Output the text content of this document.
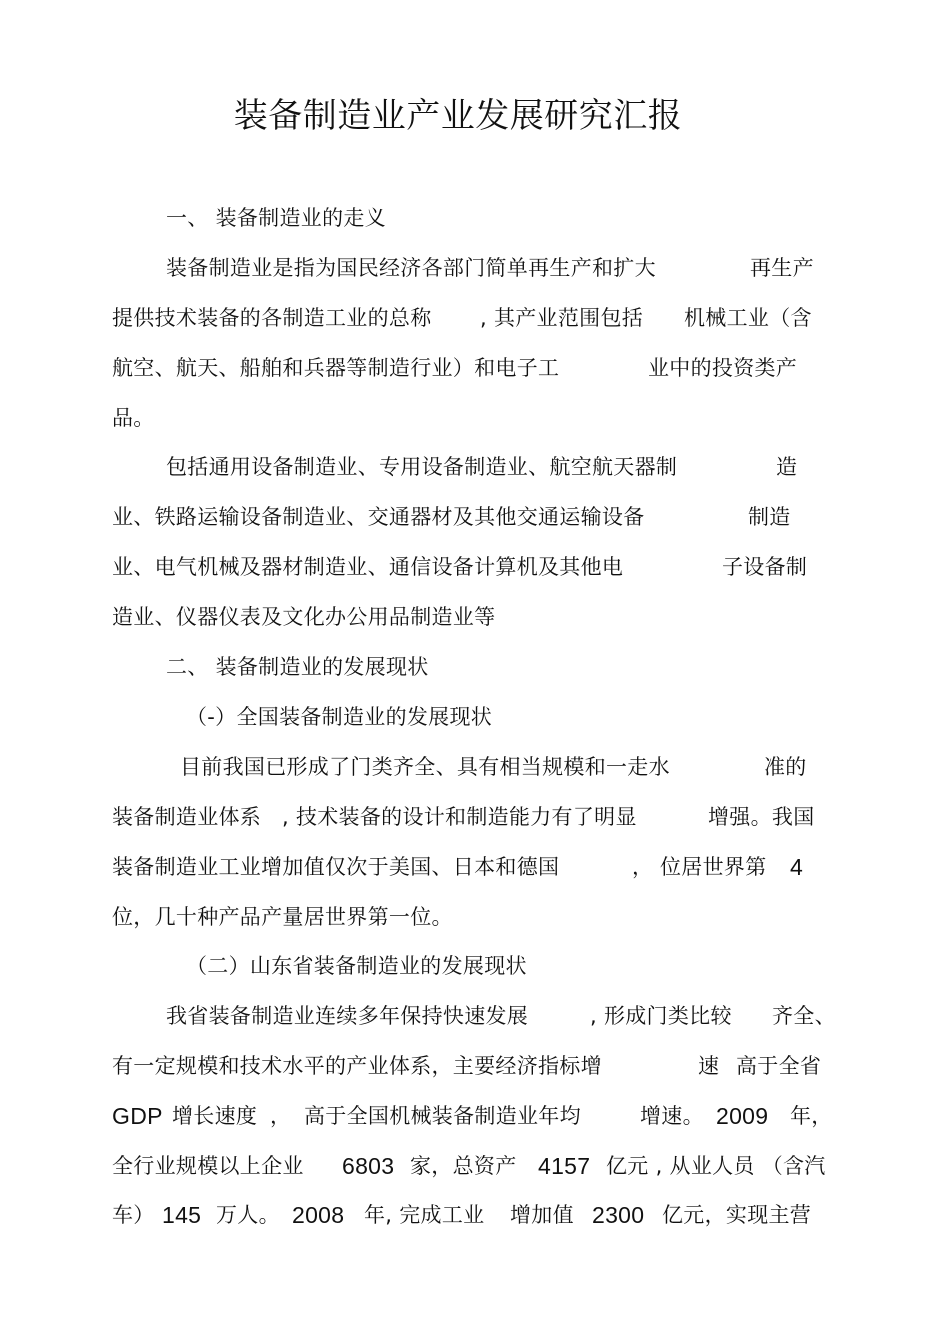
装备制造业产业发展研究汇报
一、 装备制造业的走义
装备制造业是指为国民经济各部门简单再生产和扩大	再生产
提供技术装备的各制造工业的总称 , 其产业范围包括 机械工业（含
航空、航天、船舶和兵器等制造行业）和电子工	业中的投资类产
品。
包括通用设备制造业、专用设备制造业、航空航天器制	造
业、铁路运输设备制造业、交通器材及其他交通运输设备	制造
业、电气机械及器材制造业、通信设备计算机及其他电	子设备制
造业、仪器仪表及文化办公用品制造业等
二、 装备制造业的发展现状
（-）全国装备制造业的发展现状
目前我国已形成了门类齐全、具有相当规模和一走水	准的
装备制造业体系 , 技术装备的设计和制造能力有了明显	增强。我国
装备制造业工业增加值仅次于美国、日本和德国	， 位居世界第 4
位，几十种产品产量居世界第一位。
（二）山东省装备制造业的发展现状
我省装备制造业连续多年保持快速发展	, 形成门类比较 齐全、
有一定规模和技术水平的产业体系，主要经济指标增	速 高于全省
GDP 增长速度 ， 高于全国机械装备制造业年均	增速。 2009 年，
全行业规模以上企业 6803 家，总资产 4157 亿元 , 从业人员 （含汽
车） 145 万人。 2008 年, 完成工业 增加值 2300 亿元，实现主营
